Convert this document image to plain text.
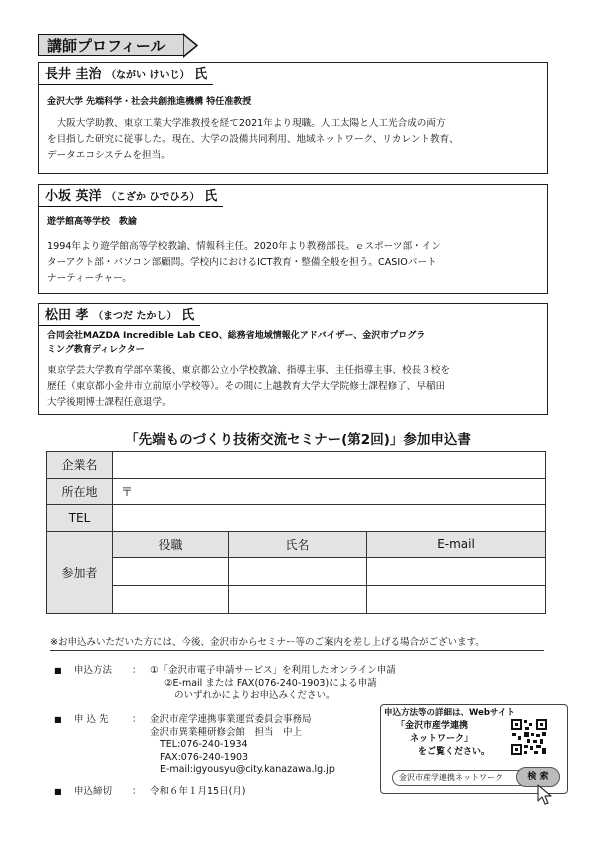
講師プロフィール
長井 圭治 （ながい けいじ） 氏
金沢大学 先端科学・社会共創推進機構 特任准教授
　大阪大学助教、東京工業大学准教授を経て2021年より現職。人工太陽と人工光合成の両方
を目指した研究に従事した。現在、大学の設備共同利用、地域ネットワーク、リカレント教育、
データエコシステムを担当。
小坂 英洋 （こざか ひでひろ） 氏
遊学館高等学校　教諭
1994年より遊学館高等学校教諭、情報科主任。2020年より教務部長。ｅスポーツ部・イン
ターアクト部・パソコン部顧問。学校内におけるICT教育・整備全般を担う。CASIOパート
ナーティーチャー。
松田 孝 （まつだ たかし） 氏
合同会社MAZDA Incredible Lab CEO、総務省地域情報化アドバイザー、金沢市プログラ
ミング教育ディレクター
東京学芸大学教育学部卒業後、東京都公立小学校教諭、指導主事、主任指導主事、校長３校を
歴任（東京都小金井市立前原小学校等）。その間に上越教育大学大学院修士課程修了、早稲田
大学後期博士課程任意退学。
「先端ものづくり技術交流セミナー(第2回)」参加申込書
企業名			
所在地	〒		
TEL			
参加者	役職	氏名	E-mail

※お申込みいただいた方には、今後、金沢市からセミナー等のご案内を差し上げる場合がございます。
■ 申込方法 ： ①「金沢市電子申請サービス」を利用したオンライン申請
②E-mail または FAX(076-240-1903)による申請
のいずれかによりお申込みください。
■ 申 込 先 ： 金沢市産学連携事業運営委員会事務局
金沢市異業種研修会館　担当　中上
TEL:076-240-1934
FAX:076-240-1903
E-mail:igyousyu@city.kanazawa.lg.jp
■ 申込締切 ： 令和６年１月15日(月)
申込方法等の詳細は、Webサイト
「金沢市産学連携
ネットワーク」
をご覧ください。
金沢市産学連携ネットワーク	検 索
